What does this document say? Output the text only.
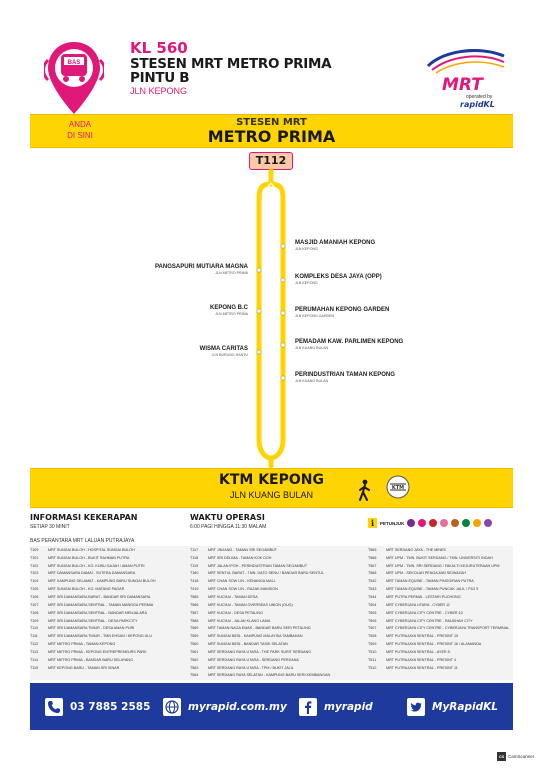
BAS
KL 560
STESEN MRT METRO PRIMA
PINTU B
JLN KEPONG	MRT
operated by
rapidKL
ANDA
DI SINI
STESEN MRT
METRO PRIMA
T112
MASJID AMANIAH KEPONG
JLN KEPONG
KOMPLEKS DESA JAYA (OPP)
JLN KEPONG
PERUMAHAN KEPONG GARDEN
JLN KEPONG GARDEN
PEMADAM KAW. PARLIMEN KEPONG
JLN KUANG BULAN
PERINDUSTRIAN TAMAN KEPONG
JLN KUANG BULAN
PANGSAPURI MUTIARA MAGNA
JLN METRO PRIMA
KEPONG B.C
JLN METRO PRIMA
WISMA CARITAS
JLN BURUNG HANTU
KTM KEPONG
JLN KUANG BULAN
KTM
INFORMASI KEKERAPAN
SETIAP 30 MINIT
WAKTU OPERASI
6:00 PAGI HINGGA 11:30 MALAM	i	PETUNJUK
BAS PERANTARA MRT LALUAN PUTRAJAYA
T109	MRT SUNGAI BULOH - HOSPITAL SUNGAI BULOH
T101	MRT SUNGAI BULOH - BUKIT RAHMAN PUTRA
T102	MRT SUNGAI BULOH - KG. KUBU GAJAH / AMAN PUTRI
T103	MRT DAMANSARA DAMAI - SUTERA DAMANSARA
T104	MRT KAMPUNG SELAMAT - KAMPUNG BARU SUNGAI BULOH
T105	MRT SUNGAI BULOH - KG. MATANG PAGAR
T106	MRT SRI DAMANSARA BARAT - BANDAR SRI DAMANSARA
T107	MRT SRI DAMANSARA SENTRAL - TAMAN MANGGA PERMAI
T108	MRT SRI DAMANSARA SENTRAL - BANDAR MENJALARA
T109	MRT SRI DAMANSARA SENTRAL - DESA PARKCITY
T110	MRT SRI DAMANSARA TIMUR - DESA AMAN PURI
T111	MRT SRI DAMANSARA TIMUR - TMN EHSAN / KEPONG ULU
T112	MRT METRO PRIMA - TAMAN KEPONG
T113	MRT METRO PRIMA - KEPONG ENTREPRENEURS PARK
T114	MRT METRO PRIMA - BANDAR BARU SELAYANG
T115	MRT KEPONG BARU - TAMAN SRI SINAR
T117	MRT JINJANG - TAMAN SRI SEGAMBUT
T118	MRT SRI DELIMA - TAMAN KOK DOH
T119	MRT JALAN IPOH - PERINDUSTRIAN TAMAN SEGAMBUT
T180	MRT SENTUL BARAT - TMN. DATO SENU / BANDAR BARU SENTUL
T418	MRT CHAN SOW LIN - KENANGA MALL
T419	MRT CHAN SOW LIN - RAZAK MANSION
T585	MRT KUCHAI - TAMAN DESA
T586	MRT KUCHAI - TAMAN OVERSEAS UNION (OUG)
T587	MRT KUCHAI - DESA PETALING
T588	MRT KUCHAI - JALAN KLANG LAMA
T589	MRT TAMAN NAGA EMAS - BANDAR BARU SERI PETALING
T559	MRT SUNGAI BESI - KAMPUNG MALAYSIA TAMBAHAN
T560	MRT SUNGAI BESI - BANDAR TASIK SELATAN
T561	MRT SERDANG RAYA UTARA - THE PARK SURIT SERDANG
T562	MRT SERDANG RAYA UTARA - SERDANG PERDANA
T563	MRT SERDANG RAYA UTARA - TPM / BUKIT JALIL
T564	MRT SERDANG RAYA SELATAN - KAMPUNG BARU SERI KEMBANGAN
T565	MRT SERDANG JAYA - THE MINES
T566	MRT UPM - TMN. BUKIT SERDANG / TMN. UNIVERSITI INDAH
T567	MRT UPM - TMN. SRI SERDANG / FAKULTI KEJURUTERAAN UPM
T568	MRT UPM - SEKOLAH PENGAJIAN SIDWAZAH
T542	MRT TAMAN EQUINE - TAMAN PINGGIRAN PUTRA
T543	MRT TAMAN EQUINE - TAMAN PUNCAK JALIL / PUJ 9
T544	MRT PUTRA PERMAI - LESTARI PUCHONG
T504	MRT CYBERJAYA UTARA - CYBER 11
T505	MRT CYBERJAYA CITY CENTRE - CYBER 10
T506	MRT CYBERJAYA CITY CENTRE - RAUDHAH CITY
T507	MRT CYBERJAYA CITY CENTRE - CYBERJAYA TRANSPORT TERMINAL
T508	MRT PUTRAJAYA SENTRAL - PRESINT 10
T509	MRT PUTRAJAYA SENTRAL - PRESINT 16 / ALAMANDA
T510	MRT PUTRAJAYA SENTRAL - AYER 8
T511	MRT PUTRAJAYA SENTRAL - PRESINT 4
T512	MRT PUTRAJAYA SENTRAL - PRESINT 11
03 7885 2585	myrapid.com.my	myrapid	MyRapidKL
CS CamScanner
